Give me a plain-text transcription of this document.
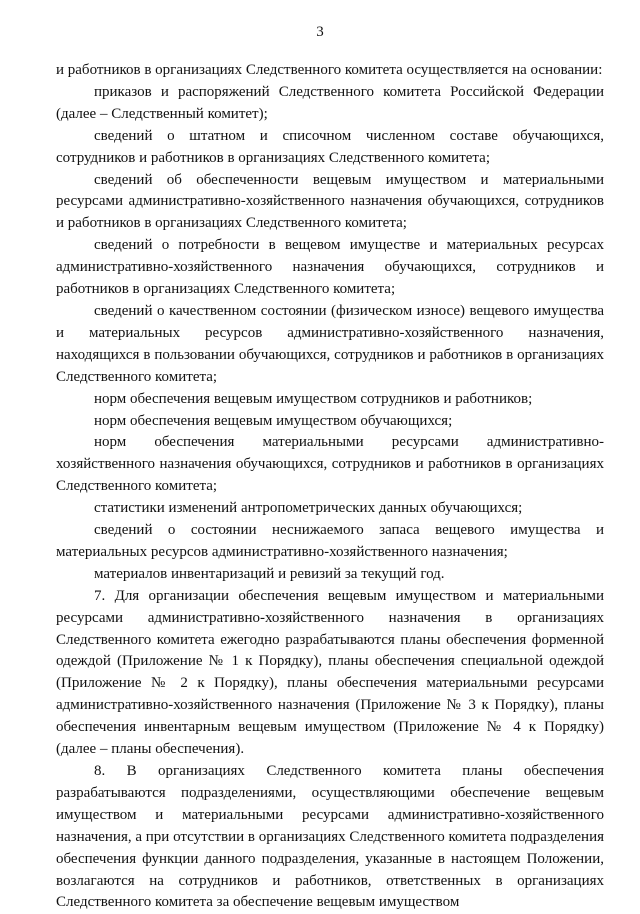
3

и работников в организациях Следственного комитета осуществляется на основании:

приказов и распоряжений Следственного комитета Российской Федерации (далее – Следственный комитет);

сведений о штатном и списочном численном составе обучающихся, сотрудников и работников в организациях Следственного комитета;

сведений об обеспеченности вещевым имуществом и материальными ресурсами административно-хозяйственного назначения обучающихся, сотрудников и работников в организациях Следственного комитета;

сведений о потребности в вещевом имуществе и материальных ресурсах административно-хозяйственного назначения обучающихся, сотрудников и работников в организациях Следственного комитета;

сведений о качественном состоянии (физическом износе) вещевого имущества и материальных ресурсов административно-хозяйственного назначения, находящихся в пользовании обучающихся, сотрудников и работников в организациях Следственного комитета;

норм обеспечения вещевым имуществом сотрудников и работников;

норм обеспечения вещевым имуществом обучающихся;

норм обеспечения материальными ресурсами административно-хозяйственного назначения обучающихся, сотрудников и работников в организациях Следственного комитета;

статистики изменений антропометрических данных обучающихся;

сведений о состоянии неснижаемого запаса вещевого имущества и материальных ресурсов административно-хозяйственного назначения;

материалов инвентаризаций и ревизий за текущий год.

7. Для организации обеспечения вещевым имуществом и материальными ресурсами административно-хозяйственного назначения в организациях Следственного комитета ежегодно разрабатываются планы обеспечения форменной одеждой (Приложение № 1 к Порядку), планы обеспечения специальной одеждой (Приложение № 2 к Порядку), планы обеспечения материальными ресурсами административно-хозяйственного назначения (Приложение № 3 к Порядку), планы обеспечения инвентарным вещевым имуществом (Приложение № 4 к Порядку) (далее – планы обеспечения).

8. В организациях Следственного комитета планы обеспечения разрабатываются подразделениями, осуществляющими обеспечение вещевым имуществом и материальными ресурсами административно-хозяйственного назначения, а при отсутствии в организациях Следственного комитета подразделения обеспечения функции данного подразделения, указанные в настоящем Положении, возлагаются на сотрудников и работников, ответственных в организациях Следственного комитета за обеспечение вещевым имуществом
